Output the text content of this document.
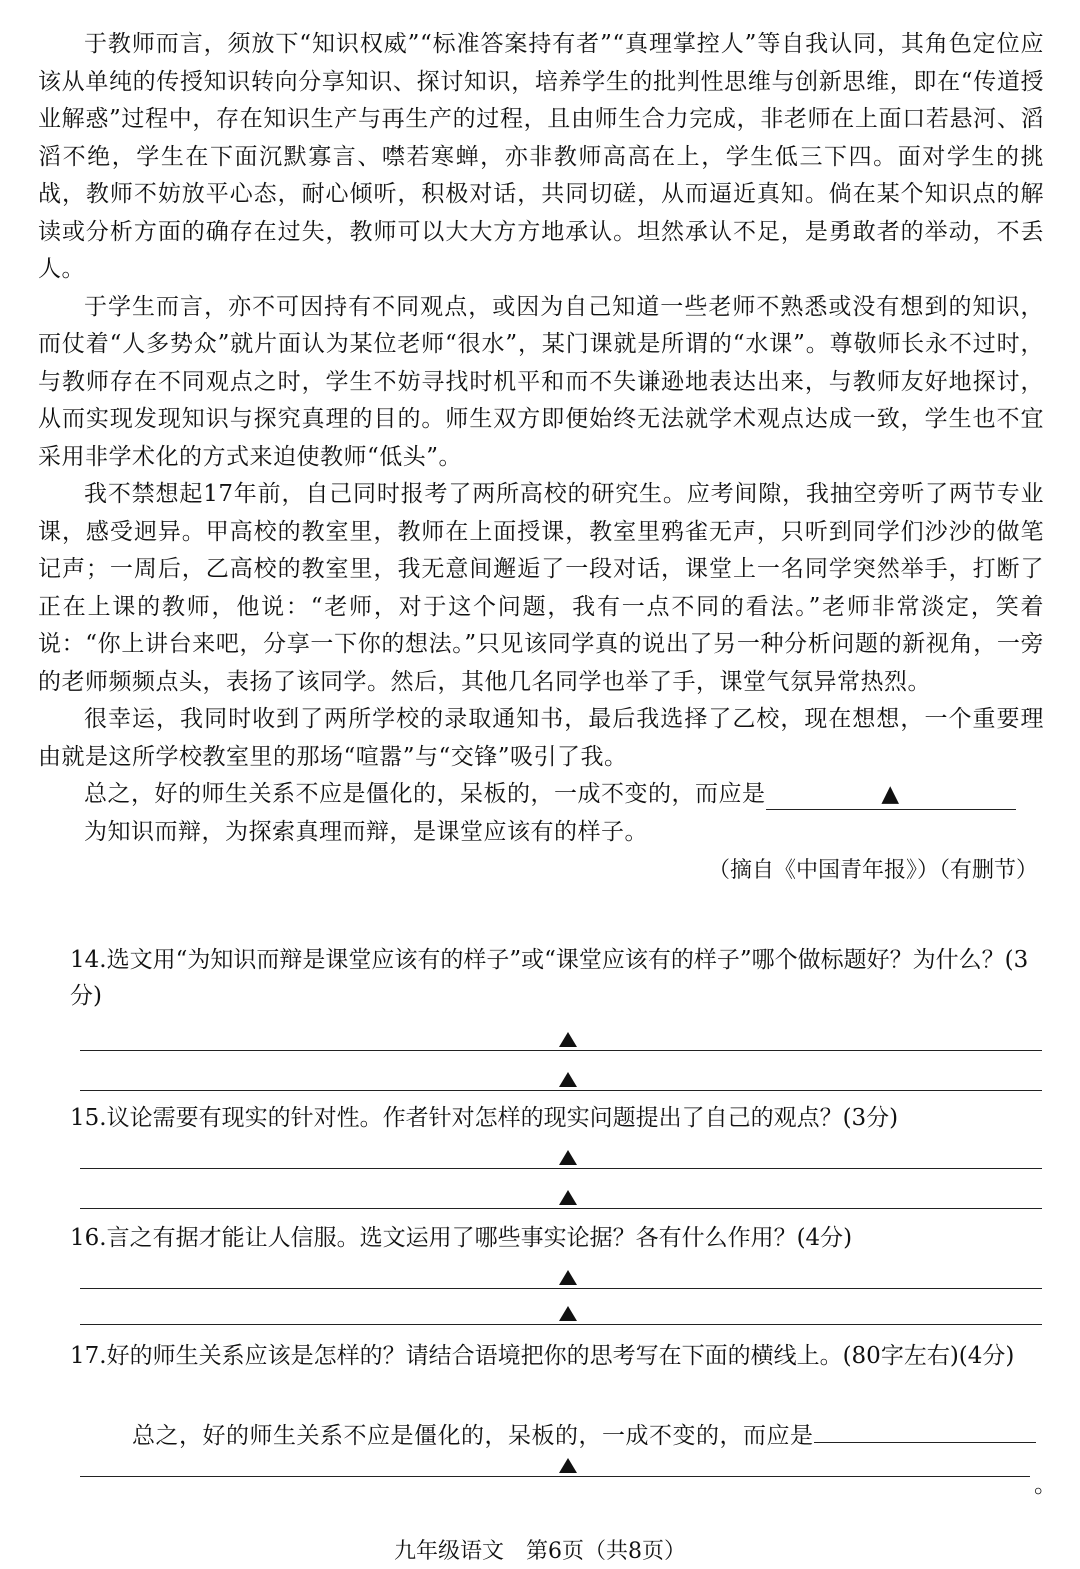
于教师而言，须放下“知识权威”“标准答案持有者”“真理掌控人”等自我认同，其角色定位应该从单纯的传授知识转向分享知识、探讨知识，培养学生的批判性思维与创新思维，即在“传道授业解惑”过程中，存在知识生产与再生产的过程，且由师生合力完成，非老师在上面口若悬河、滔滔不绝，学生在下面沉默寡言、噤若寒蝉，亦非教师高高在上，学生低三下四。面对学生的挑战，教师不妨放平心态，耐心倾听，积极对话，共同切磋，从而逼近真知。倘在某个知识点的解读或分析方面的确存在过失，教师可以大大方方地承认。坦然承认不足，是勇敢者的举动，不丢人。

于学生而言，亦不可因持有不同观点，或因为自己知道一些老师不熟悉或没有想到的知识，而仗着“人多势众”就片面认为某位老师“很水”，某门课就是所谓的“水课”。尊敬师长永不过时，与教师存在不同观点之时，学生不妨寻找时机平和而不失谦逊地表达出来，与教师友好地探讨，从而实现发现知识与探究真理的目的。师生双方即便始终无法就学术观点达成一致，学生也不宜采用非学术化的方式来迫使教师“低头”。

我不禁想起17年前，自己同时报考了两所高校的研究生。应考间隙，我抽空旁听了两节专业课，感受迥异。甲高校的教室里，教师在上面授课，教室里鸦雀无声，只听到同学们沙沙的做笔记声；一周后，乙高校的教室里，我无意间邂逅了一段对话，课堂上一名同学突然举手，打断了正在上课的教师，他说：“老师，对于这个问题，我有一点不同的看法。”老师非常淡定，笑着说：“你上讲台来吧，分享一下你的想法。”只见该同学真的说出了另一种分析问题的新视角，一旁的老师频频点头，表扬了该同学。然后，其他几名同学也举了手，课堂气氛异常热烈。

很幸运，我同时收到了两所学校的录取通知书，最后我选择了乙校，现在想想，一个重要理由就是这所学校教室里的那场“喧嚣”与“交锋”吸引了我。

总之，好的师生关系不应是僵化的，呆板的，一成不变的，而应是	▲

为知识而辩，为探索真理而辩，是课堂应该有的样子。

（摘自《中国青年报》）（有删节）

14.选文用“为知识而辩是课堂应该有的样子”或“课堂应该有的样子”哪个做标题好？为什么？(3分)
15.议论需要有现实的针对性。作者针对怎样的现实问题提出了自己的观点？(3分)
16.言之有据才能让人信服。选文运用了哪些事实论据？各有什么作用？(4分)
17.好的师生关系应该是怎样的？请结合语境把你的思考写在下面的横线上。(80字左右)(4分)
总之，好的师生关系不应是僵化的，呆板的，一成不变的，而应是
。
九年级语文　第6页（共8页）
